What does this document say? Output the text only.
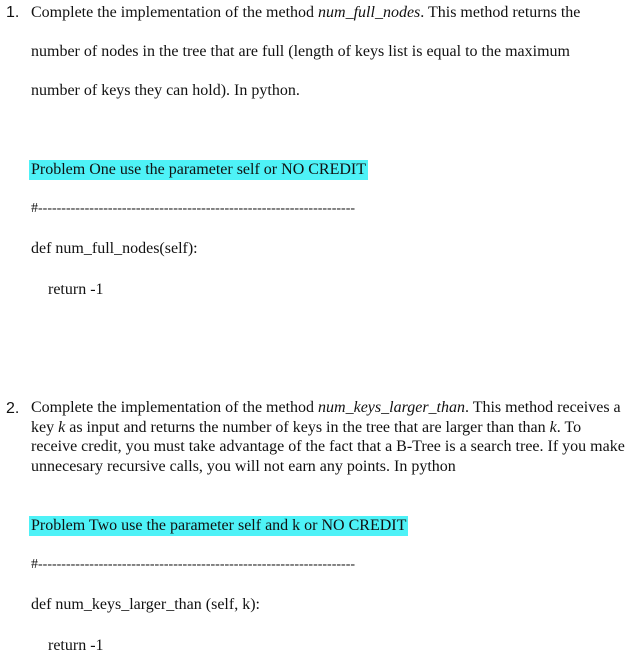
1. Complete the implementation of the method num_full_nodes. This method returns the
number of nodes in the tree that are full (length of keys list is equal to the maximum
number of keys they can hold). In python.
Problem One use the parameter self or NO CREDIT
#--------------------------------------------------------------------
def num_full_nodes(self):
return -1
2. Complete the implementation of the method num_keys_larger_than. This method receives a key k as input and returns the number of keys in the tree that are larger than than k. To receive credit, you must take advantage of the fact that a B-Tree is a search tree. If you make unnecesary recursive calls, you will not earn any points. In python
Problem Two use the parameter self and k or NO CREDIT
#--------------------------------------------------------------------
def num_keys_larger_than (self, k):
return -1
